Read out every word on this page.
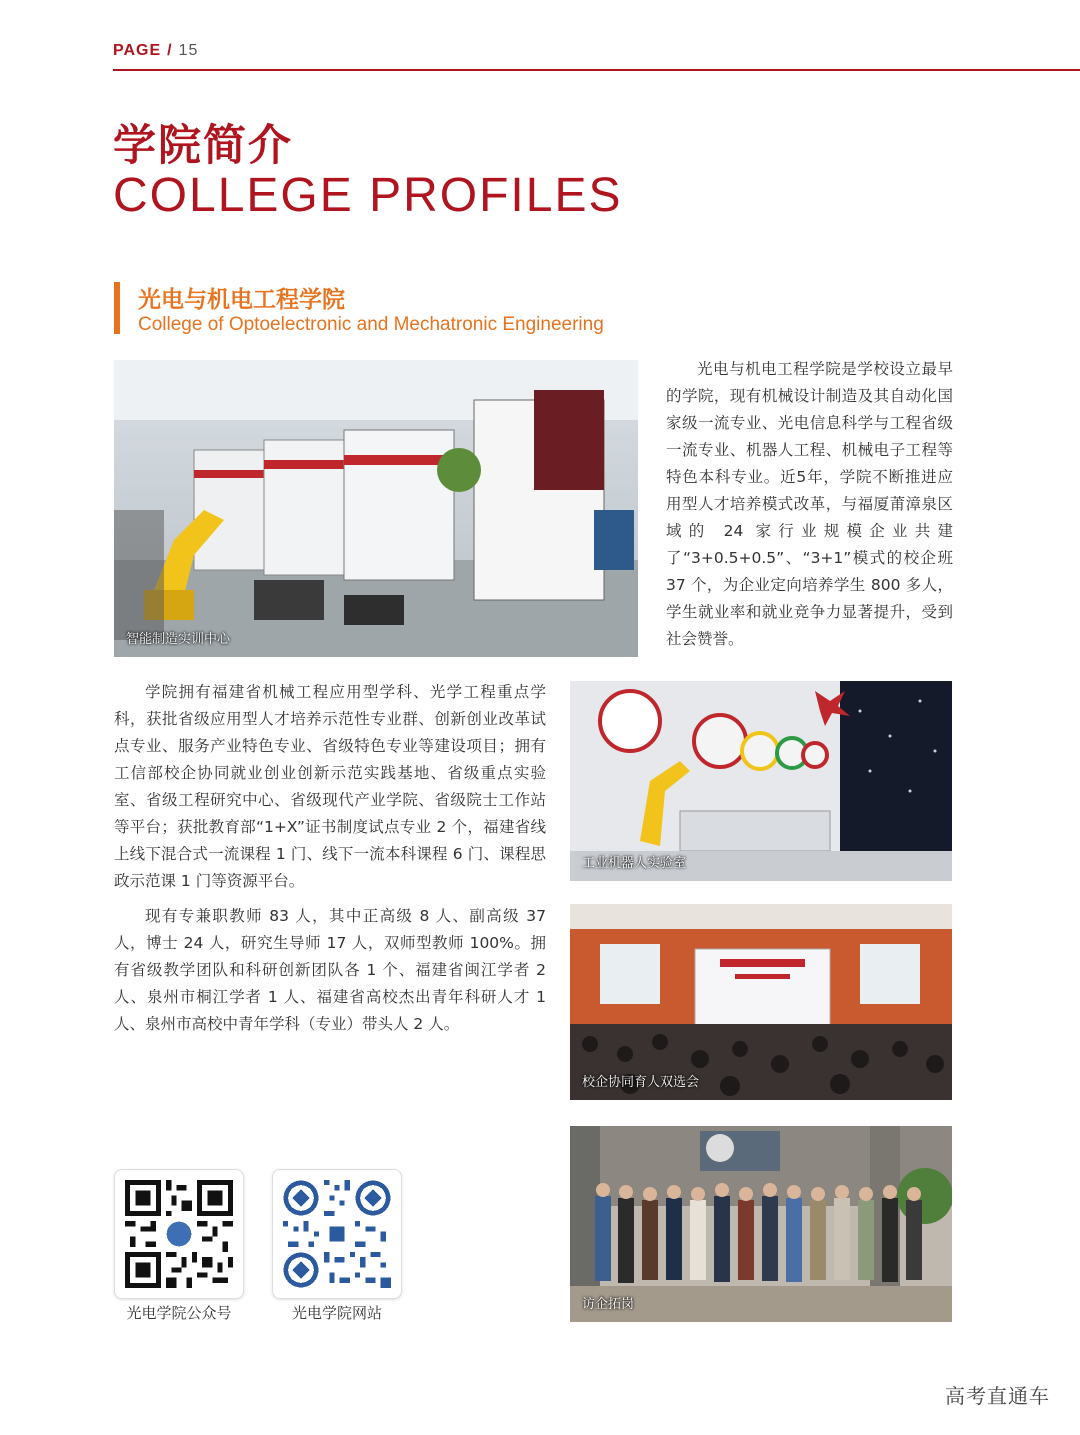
PAGE / 15
学院简介
COLLEGE PROFILES
光电与机电工程学院
College of Optoelectronic and Mechatronic Engineering
智能制造实训中心

光电与机电工程学院是学校设立最早的学院，现有机械设计制造及其自动化国家级一流专业、光电信息科学与工程省级一流专业、机器人工程、机械电子工程等特色本科专业。近5年，学院不断推进应用型人才培养模式改革，与福厦莆漳泉区域的 24 家行业规模企业共建了“3+0.5+0.5”、“3+1”模式的校企班 37 个，为企业定向培养学生 800 多人，学生就业率和就业竞争力显著提升，受到社会赞誉。

学院拥有福建省机械工程应用型学科、光学工程重点学科，获批省级应用型人才培养示范性专业群、创新创业改革试点专业、服务产业特色专业、省级特色专业等建设项目；拥有工信部校企协同就业创业创新示范实践基地、省级重点实验室、省级工程研究中心、省级现代产业学院、省级院士工作站等平台；获批教育部“1+X”证书制度试点专业 2 个，福建省线上线下混合式一流课程 1 门、线下一流本科课程 6 门、课程思政示范课 1 门等资源平台。

现有专兼职教师 83 人，其中正高级 8 人、副高级 37 人，博士 24 人，研究生导师 17 人，双师型教师 100%。拥有省级教学团队和科研创新团队各 1 个、福建省闽江学者 2 人、泉州市桐江学者 1 人、福建省高校杰出青年科研人才 1 人、泉州市高校中青年学科（专业）带头人 2 人。

工业机器人实验室
校企协同育人双选会
访企拓岗
光电学院公众号	光电学院网站
高考直通车
